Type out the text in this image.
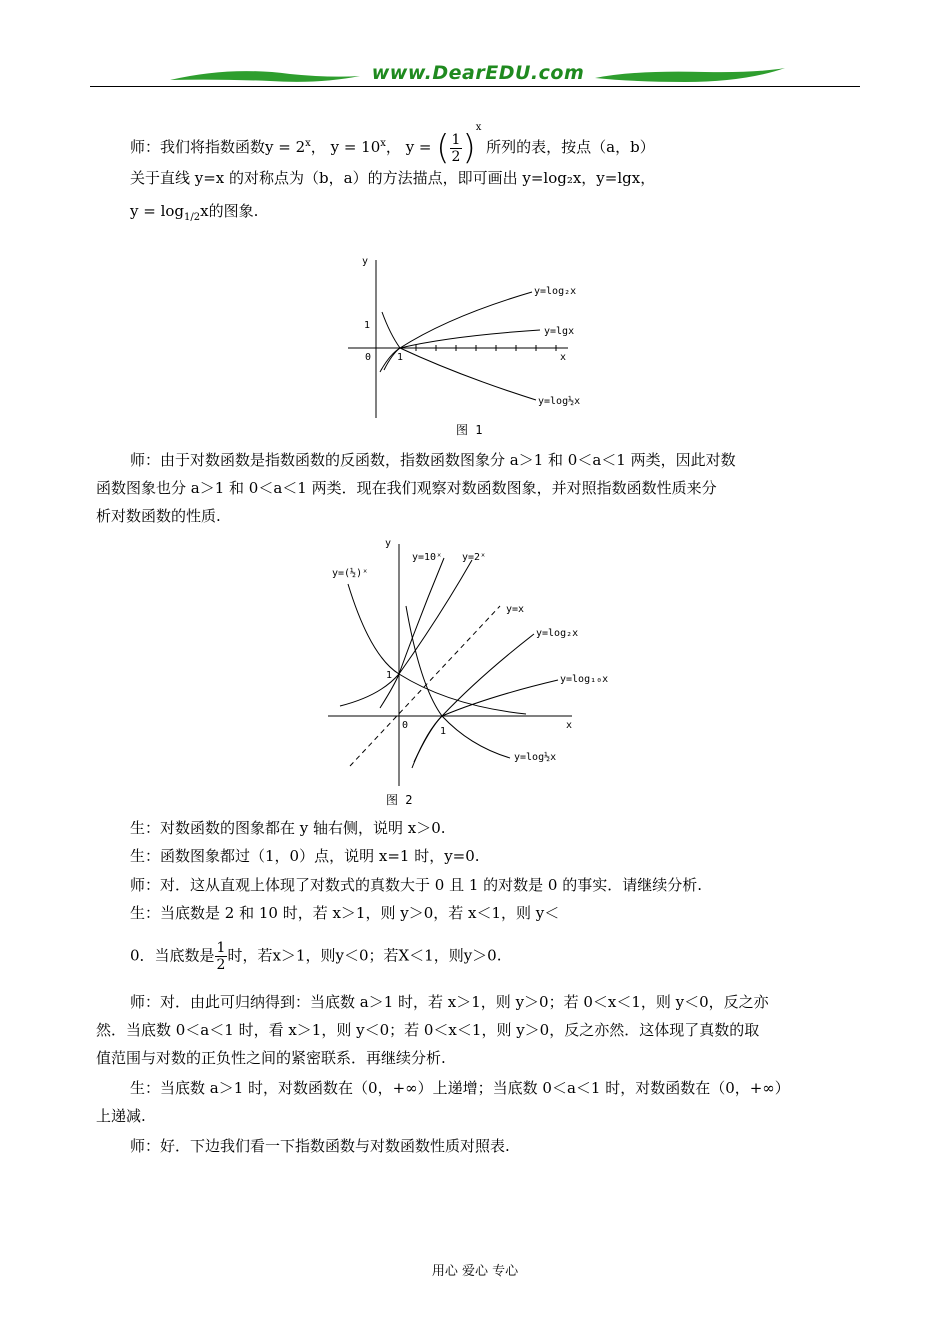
www.DearEDU.com
师：我们将指数函数$y = 2^x$， $y = 10^x$， y = ( $\frac{1}{2} )^x$ 所列的表，按点（a，b）
关于直线 y=x 的对称点为（b，a）的方法描点，即可画出 y=log₂x，y=lgx，
$y = \log_{1/2}x$的图象.
y
x
0	1
1
y=log₂x
y=lgx
y=log½x
图 1
师：由于对数函数是指数函数的反函数，指数函数图象分 a＞1 和 0＜a＜1 两类，因此对数
函数图象也分 a＞1 和 0＜a＜1 两类．现在我们观察对数函数图象，并对照指数函数性质来分
析对数函数的性质.
y
x
0
1
1
y=(½)ˣ
y=10ˣ y=2ˣ
y=x
y=log₂x
y=log₁₀x
y=log½x
图 2
生：对数函数的图象都在 y 轴右侧，说明 x＞0.
生：函数图象都过（1，0）点，说明 x=1 时，y=0.
师：对．这从直观上体现了对数式的真数大于 0 且 1 的对数是 0 的事实．请继续分析.
生：当底数是 2 和 10 时，若 x＞1，则 y＞0，若 x＜1，则 y＜
0．当底数是 $\frac{1}{2}$ 时，若x＞1，则y＜0；若X＜1，则y＞0.
师：对．由此可归纳得到：当底数 a＞1 时，若 x＞1，则 y＞0；若 0＜x＜1，则 y＜0，反之亦
然．当底数 0＜a＜1 时，看 x＞1，则 y＜0；若 0＜x＜1，则 y＞0，反之亦然．这体现了真数的取
值范围与对数的正负性之间的紧密联系．再继续分析.
生：当底数 a＞1 时，对数函数在（0，+∞）上递增；当底数 0＜a＜1 时，对数函数在（0，+∞）
上递减.
师：好．下边我们看一下指数函数与对数函数性质对照表.
用心 爱心 专心
